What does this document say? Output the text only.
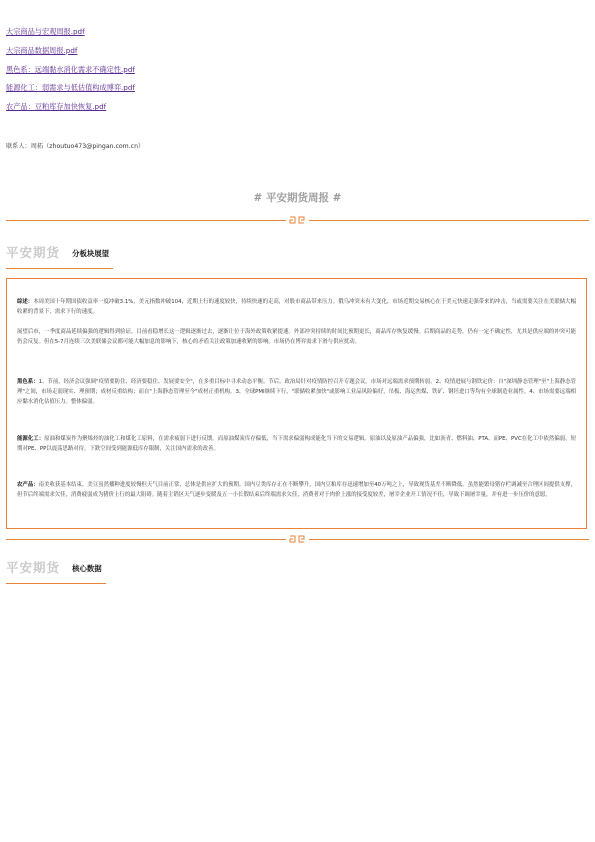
大宗商品与宏观周报.pdf
大宗商品数据周报.pdf
黑色系：远端黏水消化需求不确定性.pdf
能源化工：弱需求与低估值构成博弈.pdf
农产品：豆粕库存加快恢复.pdf
联系人：周拓（zhoutuo473@pingan.com.cn）
# 平安期货周报 #
平安期货 分板块展望

综述：本周美国十年期国债收益率一度冲破3.1%，美元指数冲破104，近期上行的速度较快，持续快速的走高，对股市商品带来压力。俄乌冲突未有大变化，市场近期交易核心在于美元快速走强带来的冲击，当或需要关注在美联储大幅收紧的背景下，需求下行的速度。

展望后市，一季度商品延续偏强的逻辑得到验证，目前看稳增长这一逻辑逐渐过去，逐渐让位于海外政策收紧提速。外部冲突持续的时间比预期更长，商品库存恢复缓慢。后期商品的走势，仍有一定不确定性，尤其是供应端的冲突可能仍会反复。但在5-7月连续三次美联储会议都可能大幅加息的影响下，核心的矛盾关注政策加速收紧的影响。市场仍在博弈需求下滑与供应扰动。

黑色系：1、节前，经济会议强调"疫情要防住、经济要稳住、发展要安全"，在多重目标中寻求动态平衡。节后，政治局针对疫情防控召开专题会议。市场对远端需求预期转弱。2、疫情进展与钢铁定价：自"深圳静态管理"至"上海静态管理"之间，市场走弱现实、理预期；成材反重结构；而自"上海静态管理至今"成材正重机构。3、全球PMI继续下行，"联储收紧加快"或影响工业品风险偏好，吊板、海运焦煤、铁矿、钢坯进口等均有全球制造业属性。4、市场需要远端相应黏水消化估值压力。整体偏弱。

能源化工：原油和煤炭作为聚烯烃的油化工和煤化工原料，在需求疲弱下进行反馈。而原油煤炭库存偏低，当下需求偏弱构成能化当下的交易逻辑。原油以及原油产品偏强，比如沥青、燃料油、PTA、而PE、PVC在化工中依然偏弱。短期对PE、PP以震荡思路对待，下跌空间受到能源低库存限制，关注国内需求的改善。

农产品：南美收获基本结束，美豆虽然播种进度较慢但天气目前正常，总体是供应扩大的预期。国内豆类库存正在不断攀升，国内豆粕库存迅速增加至40万吨之上，导致现货基差不断降低。虽然能繁母猪存栏调减至合理区间提供支撑，但节后终端需求欠佳，消费疲弱成为猪价上行的最大阻碍。随着主销区天气逐步变暖及五一小长假结束后终端需求欠佳，消费者对于肉价上涨的接受度较差，屠宰企业开工情况不佳，导致下调屠宰量，并有进一步压价的意愿。

平安期货 核心数据
